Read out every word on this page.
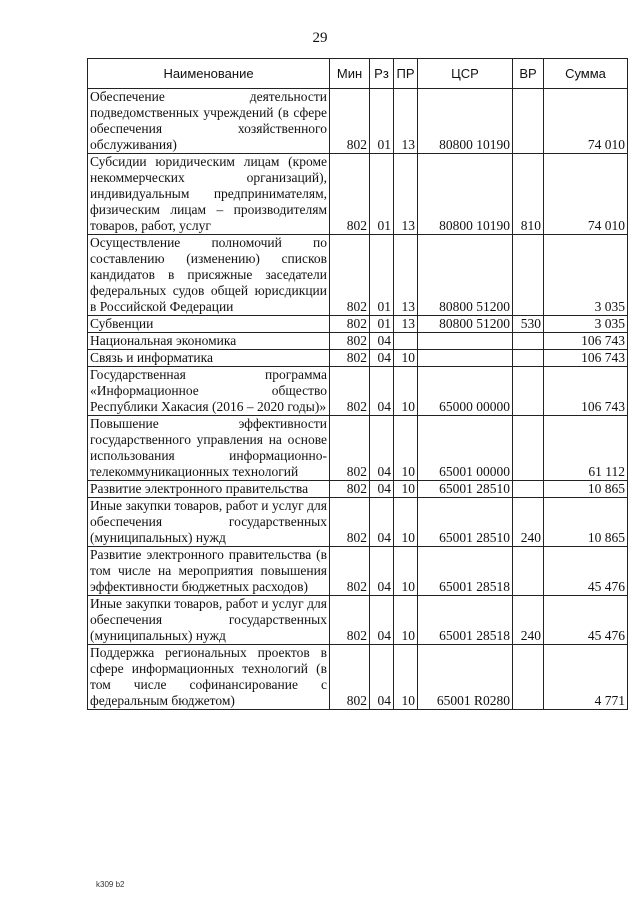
29
Наименование	Мин	Рз	ПР	ЦСР	ВР	Сумма
Обеспечение деятельности подведомственных учреждений (в сфере обеспечения хозяйственного обслуживания)	802	01	13	80800 10190		74 010
Субсидии юридическим лицам (кроме некоммерческих организаций), индивидуальным предпринимателям, физическим лицам – производителям товаров, работ, услуг	802	01	13	80800 10190	810	74 010
Осуществление полномочий по составлению (изменению) списков кандидатов в присяжные заседатели федеральных судов общей юрисдикции в Российской Федерации	802	01	13	80800 51200		3 035
Субвенции	802	01	13	80800 51200	530	3 035
Национальная экономика	802	04				106 743
Связь и информатика	802	04	10			106 743
Государственная программа «Информационное общество Республики Хакасия (2016 – 2020 годы)»	802	04	10	65000 00000		106 743
Повышение эффективности государственного управления на основе использования информационно-телекоммуникационных технологий	802	04	10	65001 00000		61 112
Развитие электронного правительства	802	04	10	65001 28510		10 865
Иные закупки товаров, работ и услуг для обеспечения государственных (муниципальных) нужд	802	04	10	65001 28510	240	10 865
Развитие электронного правительства (в том числе на мероприятия повышения эффективности бюджетных расходов)	802	04	10	65001 28518		45 476
Иные закупки товаров, работ и услуг для обеспечения государственных (муниципальных) нужд	802	04	10	65001 28518	240	45 476
Поддержка региональных проектов в сфере информационных технологий (в том числе софинансирование с федеральным бюджетом)	802	04	10	65001 R0280		4 771
k309 b2
